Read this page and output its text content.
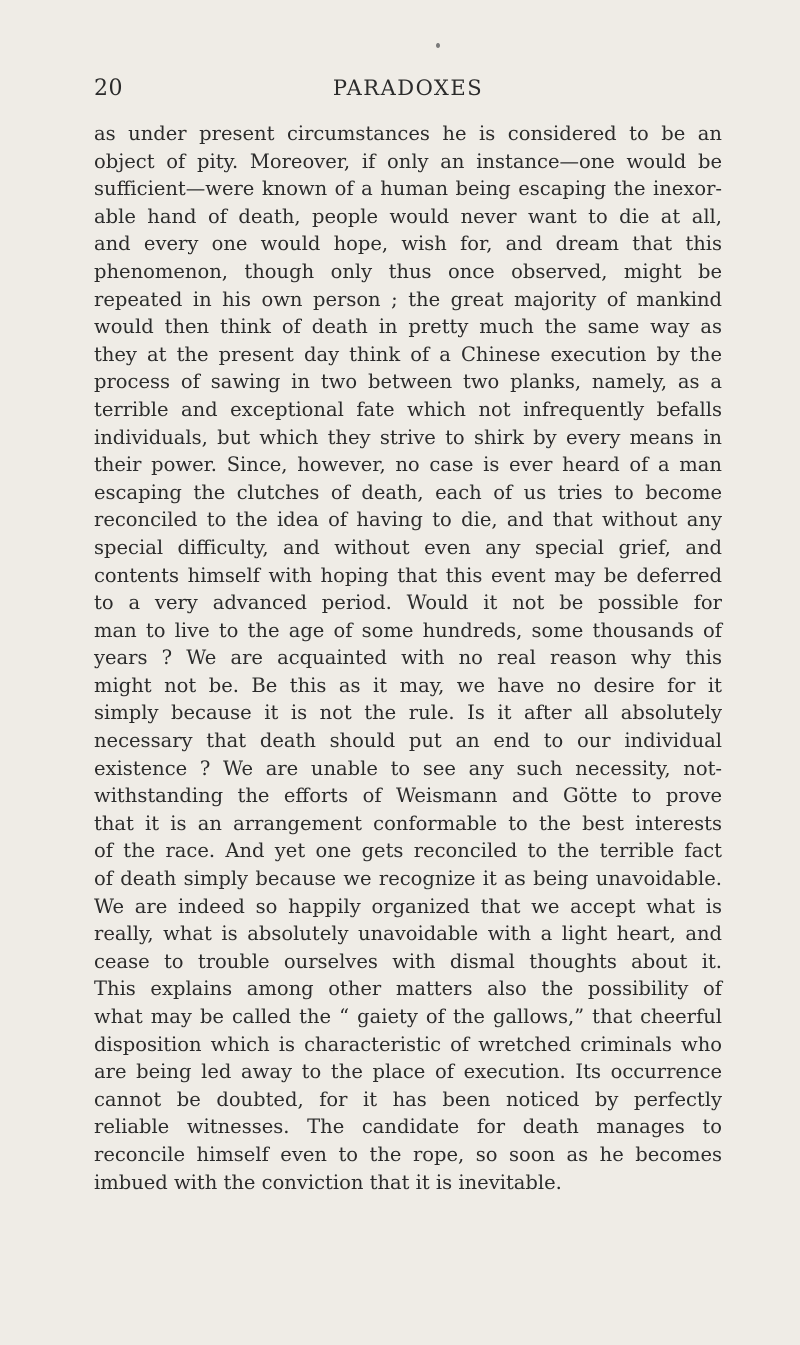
20	PARADOXES

as under present circumstances he is considered to be an
object of pity. Moreover, if only an instance—one would be
sufficient—were known of a human being escaping the inexor-
able hand of death, people would never want to die at all,
and every one would hope, wish for, and dream that this
phenomenon, though only thus once observed, might be
repeated in his own person ; the great majority of mankind
would then think of death in pretty much the same way as
they at the present day think of a Chinese execution by the
process of sawing in two between two planks, namely, as a
terrible and exceptional fate which not infrequently befalls
individuals, but which they strive to shirk by every means in
their power. Since, however, no case is ever heard of a man
escaping the clutches of death, each of us tries to become
reconciled to the idea of having to die, and that without any
special difficulty, and without even any special grief, and
contents himself with hoping that this event may be deferred
to a very advanced period. Would it not be possible for
man to live to the age of some hundreds, some thousands of
years ? We are acquainted with no real reason why this
might not be. Be this as it may, we have no desire for it
simply because it is not the rule. Is it after all absolutely
necessary that death should put an end to our individual
existence ? We are unable to see any such necessity, not-
withstanding the efforts of Weismann and Götte to prove
that it is an arrangement conformable to the best interests
of the race. And yet one gets reconciled to the terrible fact
of death simply because we recognize it as being unavoidable.
We are indeed so happily organized that we accept what is
really, what is absolutely unavoidable with a light heart, and
cease to trouble ourselves with dismal thoughts about it.
This explains among other matters also the possibility of
what may be called the “ gaiety of the gallows,” that cheerful
disposition which is characteristic of wretched criminals who
are being led away to the place of execution. Its occurrence
cannot be doubted, for it has been noticed by perfectly
reliable witnesses. The candidate for death manages to
reconcile himself even to the rope, so soon as he becomes
imbued with the conviction that it is inevitable.
